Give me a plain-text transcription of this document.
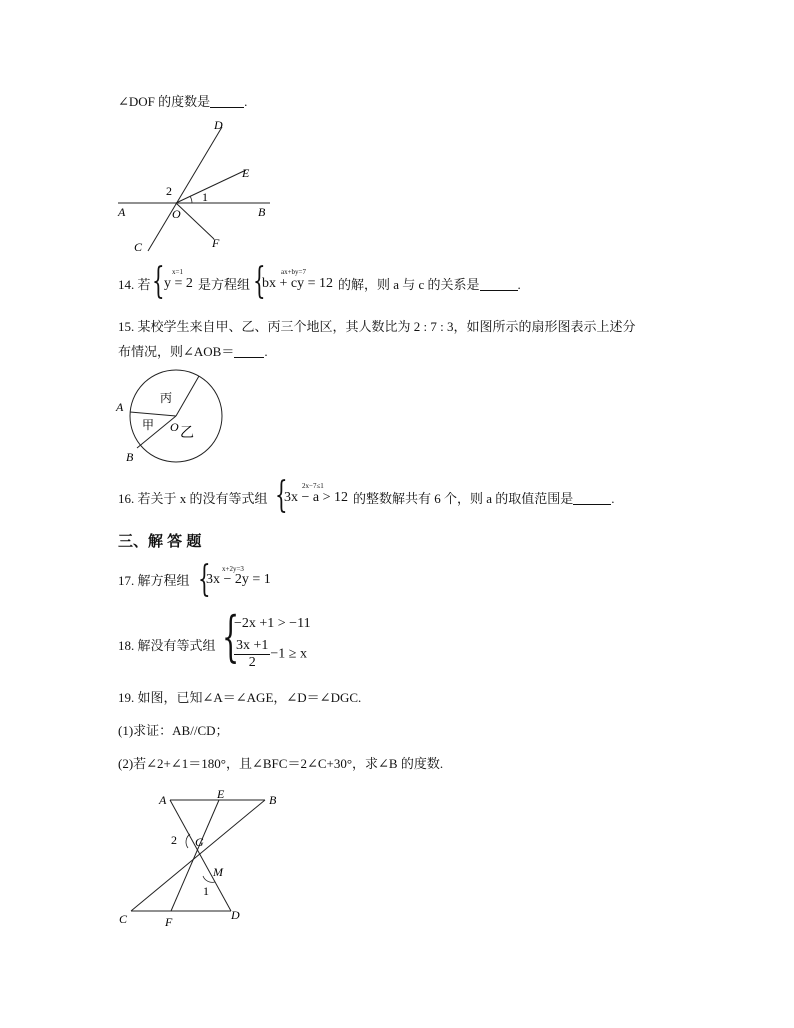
∠DOF 的度数是	.
D
E
A	B
O
C	F
1
2
14. 若 { x=1
y = 2 是方程组 { ax+by=7
bx + cy = 12 的解，则 a 与 c 的关系是	.
15. 某校学生来自甲、乙、丙三个地区，其人数比为 2 : 7 : 3，如图所示的扇形图表示上述分
布情况，则∠AOB＝ .
A
B
O
丙
甲
乙
16. 若关于 x 的没有等式组 { 2x−7≤1
3x − a > 12 的整数解共有 6 个，则 a 的取值范围是	.
三、解 答 题
17. 解方程组 { x+2y=3
3x − 2y = 1
18. 解没有等式组 {
−2x +1 > −11
$\frac{3x +1}{2} -1 \ge x$
19. 如图，已知∠A＝∠AGE，∠D＝∠DGC.
(1)求证：AB//CD；
(2)若∠2+∠1＝180°，且∠BFC＝2∠C+30°，求∠B 的度数.
A	E	B
G
M
C	F	D
1
2
